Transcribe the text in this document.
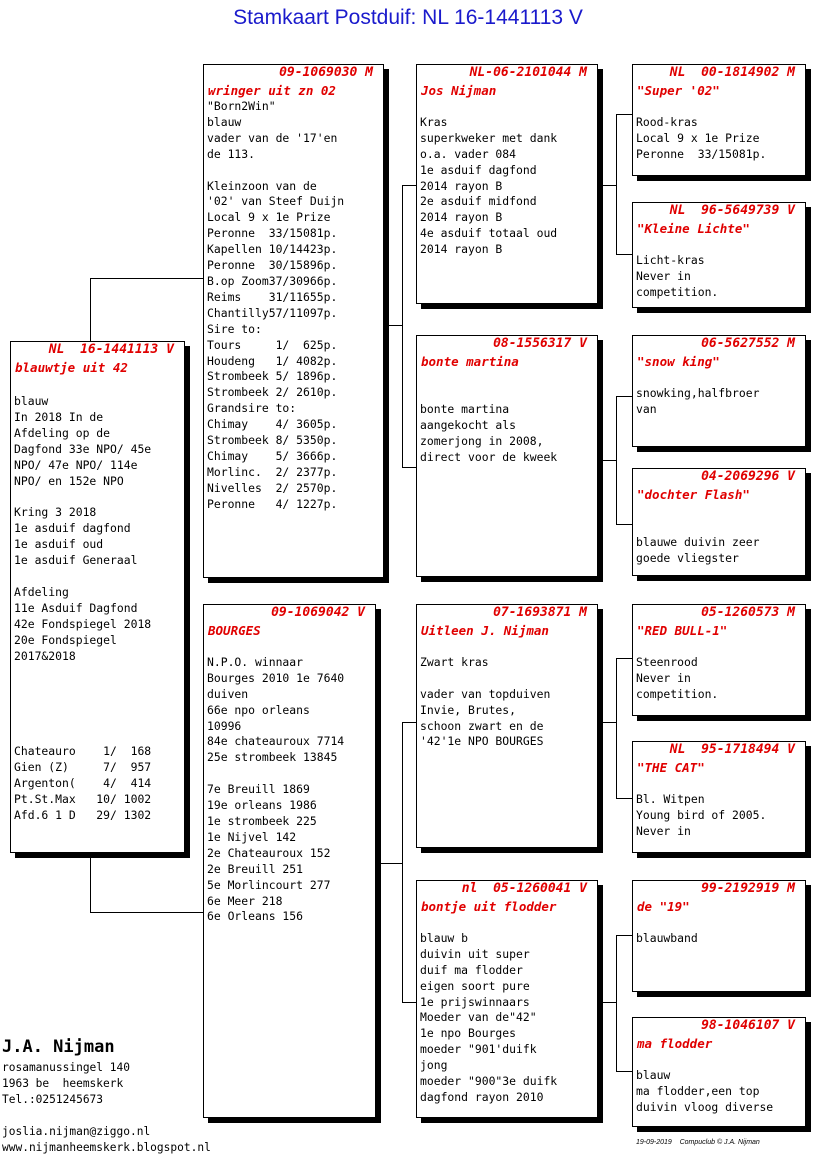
Stamkaart Postduif: NL 16-1441113 V
NL  16-1441113 V
blauwtje uit 42
blauw
In 2018 In de
Afdeling op de
Dagfond 33e NPO/ 45e
NPO/ 47e NPO/ 114e
NPO/ en 152e NPO

Kring 3 2018
1e asduif dagfond
1e asduif oud
1e asduif Generaal

Afdeling
11e Asduif Dagfond
42e Fondspiegel 2018
20e Fondspiegel
2017&2018

Chateauro    1/  168
Gien (Z)     7/  957
Argenton(    4/  414
Pt.St.Max   10/ 1002
Afd.6 1 D   29/ 1302
09-1069030 M
wringer uit zn 02
"Born2Win"
blauw
vader van de '17'en
de 113.

Kleinzoon van de
'02' van Steef Duijn
Local 9 x 1e Prize
Peronne  33/15081p.
Kapellen 10/14423p.
Peronne  30/15896p.
B.op Zoom37/30966p.
Reims    31/11655p.
Chantilly57/11097p.
Sire to:
Tours     1/  625p.
Houdeng   1/ 4082p.
Strombeek 5/ 1896p.
Strombeek 2/ 2610p.
Grandsire to:
Chimay    4/ 3605p.
Strombeek 8/ 5350p.
Chimay    5/ 3666p.
Morlinc.  2/ 2377p.
Nivelles  2/ 2570p.
Peronne   4/ 1227p.
09-1069042 V
BOURGES

N.P.O. winnaar
Bourges 2010 1e 7640
duiven
66e npo orleans
10996
84e chateauroux 7714
25e strombeek 13845

7e Breuill 1869
19e orleans 1986
1e strombeek 225
1e Nijvel 142
2e Chateauroux 152
2e Breuill 251
5e Morlincourt 277
6e Meer 218
6e Orleans 156
NL-06-2101044 M
Jos Nijman

Kras
superkweker met dank
o.a. vader 084
1e asduif dagfond
2014 rayon B
2e asduif midfond
2014 rayon B
4e asduif totaal oud
2014 rayon B
08-1556317 V
bonte martina

bonte martina
aangekocht als
zomerjong in 2008,
direct voor de kweek
07-1693871 M
Uitleen J. Nijman

Zwart kras

vader van topduiven
Invie, Brutes,
schoon zwart en de
'42'1e NPO BOURGES
nl  05-1260041 V
bontje uit flodder

blauw b
duivin uit super
duif ma flodder
eigen soort pure
1e prijswinnaars
Moeder van de"42"
1e npo Bourges
moeder "901'duifk
jong
moeder "900"3e duifk
dagfond rayon 2010
NL  00-1814902 M
"Super '02"

Rood-kras
Local 9 x 1e Prize
Peronne  33/15081p.
NL  96-5649739 V
"Kleine Lichte"

Licht-kras
Never in
competition.
06-5627552 M
"snow king"

snowking,halfbroer
van
04-2069296 V
"dochter Flash"

blauwe duivin zeer
goede vliegster
05-1260573 M
"RED BULL-1"

Steenrood
Never in
competition.
NL  95-1718494 V
"THE CAT"

Bl. Witpen
Young bird of 2005.
Never in
99-2192919 M
de "19"

blauwband
98-1046107 V
ma flodder

blauw
ma flodder,een top
duivin vloog diverse
J.A. Nijman
rosamanussingel 140
1963 be  heemskerk
Tel.:0251245673
joslia.nijman@ziggo.nl
www.nijmanheemskerk.blogspot.nl	19-09-2019    Compuclub © J.A. Nijman
